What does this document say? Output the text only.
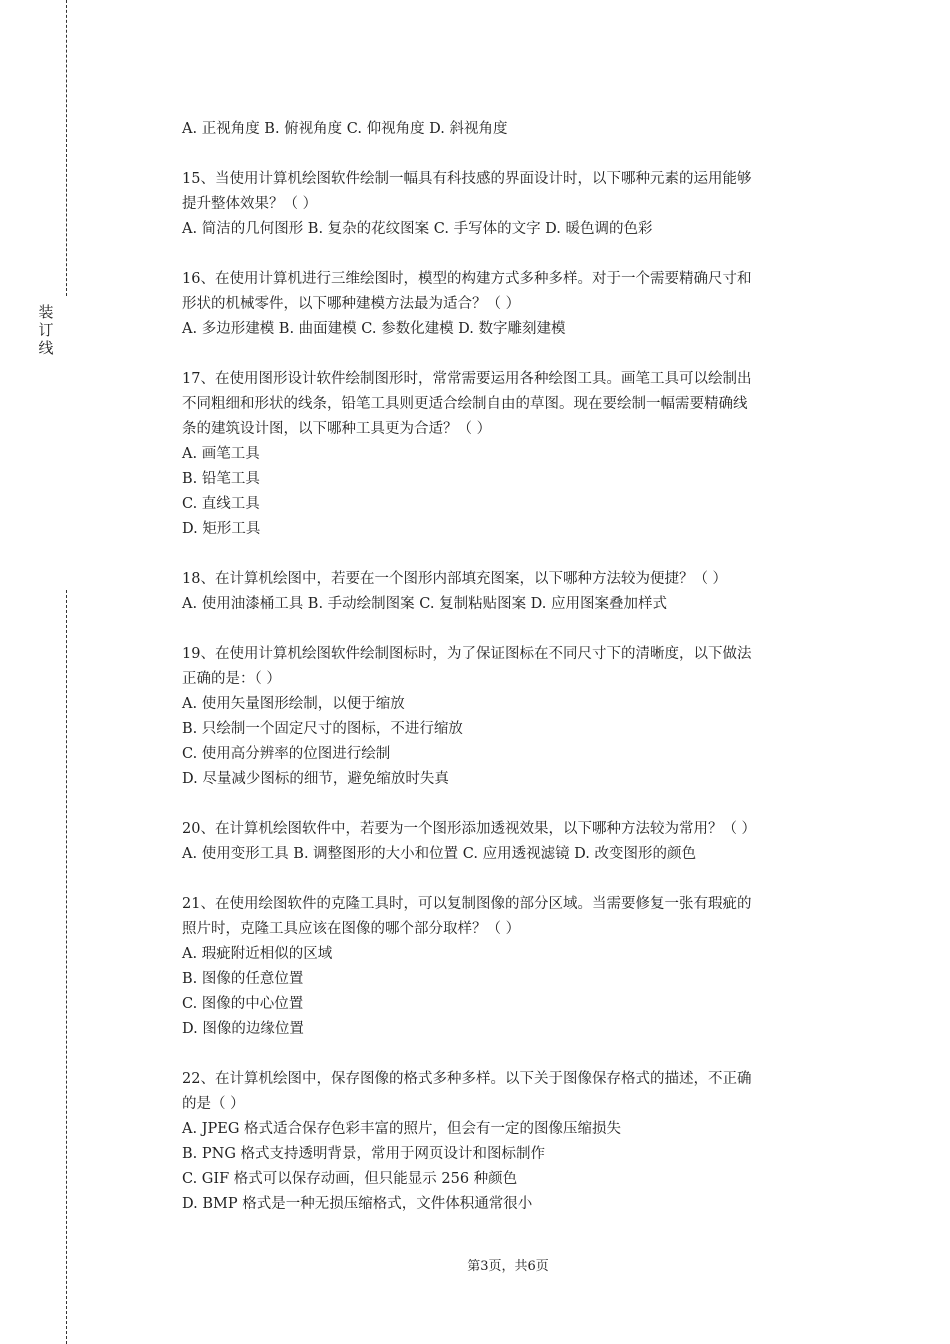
装
订
线
A. 正视角度 B. 俯视角度 C. 仰视角度 D. 斜视角度
15、当使用计算机绘图软件绘制一幅具有科技感的界面设计时，以下哪种元素的运用能够
提升整体效果？（ ）
A. 简洁的几何图形 B. 复杂的花纹图案 C. 手写体的文字 D. 暖色调的色彩
16、在使用计算机进行三维绘图时，模型的构建方式多种多样。对于一个需要精确尺寸和
形状的机械零件，以下哪种建模方法最为适合？（ ）
A. 多边形建模 B. 曲面建模 C. 参数化建模 D. 数字雕刻建模
17、在使用图形设计软件绘制图形时，常常需要运用各种绘图工具。画笔工具可以绘制出
不同粗细和形状的线条，铅笔工具则更适合绘制自由的草图。现在要绘制一幅需要精确线
条的建筑设计图，以下哪种工具更为合适？（ ）
A. 画笔工具
B. 铅笔工具
C. 直线工具
D. 矩形工具
18、在计算机绘图中，若要在一个图形内部填充图案，以下哪种方法较为便捷？（ ）
A. 使用油漆桶工具 B. 手动绘制图案 C. 复制粘贴图案 D. 应用图案叠加样式
19、在使用计算机绘图软件绘制图标时，为了保证图标在不同尺寸下的清晰度，以下做法
正确的是：（ ）
A. 使用矢量图形绘制，以便于缩放
B. 只绘制一个固定尺寸的图标，不进行缩放
C. 使用高分辨率的位图进行绘制
D. 尽量减少图标的细节，避免缩放时失真
20、在计算机绘图软件中，若要为一个图形添加透视效果，以下哪种方法较为常用？（ ）
A. 使用变形工具 B. 调整图形的大小和位置 C. 应用透视滤镜 D. 改变图形的颜色
21、在使用绘图软件的克隆工具时，可以复制图像的部分区域。当需要修复一张有瑕疵的
照片时，克隆工具应该在图像的哪个部分取样？（ ）
A. 瑕疵附近相似的区域
B. 图像的任意位置
C. 图像的中心位置
D. 图像的边缘位置
22、在计算机绘图中，保存图像的格式多种多样。以下关于图像保存格式的描述，不正确
的是（ ）
A. JPEG 格式适合保存色彩丰富的照片，但会有一定的图像压缩损失
B. PNG 格式支持透明背景，常用于网页设计和图标制作
C. GIF 格式可以保存动画，但只能显示 256 种颜色
D. BMP 格式是一种无损压缩格式，文件体积通常很小
第3页，共6页
